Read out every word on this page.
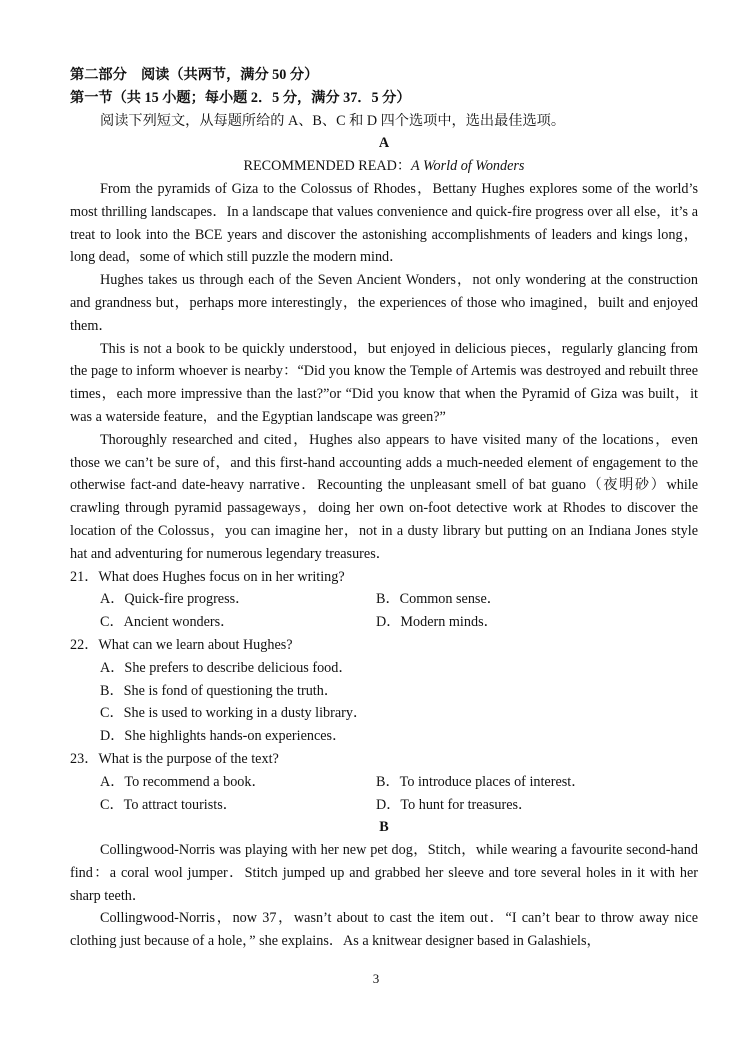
第二部分　阅读（共两节，满分 50 分）

第一节（共 15 小题；每小题 2．5 分，满分 37．5 分）

阅读下列短文，从每题所给的 A、B、C 和 D 四个选项中，选出最佳选项。

A

RECOMMENDED READ：A World of Wonders

From the pyramids of Giza to the Colossus of Rhodes，Bettany Hughes explores some of the world’s most thrilling landscapes．In a landscape that values convenience and quick-fire progress over all else，it’s a treat to look into the BCE years and discover the astonishing accomplishments of leaders and kings long，long dead，some of which still puzzle the modern mind．

Hughes takes us through each of the Seven Ancient Wonders，not only wondering at the construction and grandness but，perhaps more interestingly，the experiences of those who imagined，built and enjoyed them．

This is not a book to be quickly understood，but enjoyed in delicious pieces，regularly glancing from the page to inform whoever is nearby：“Did you know the Temple of Artemis was destroyed and rebuilt three times，each more impressive than the last?”or “Did you know that when the Pyramid of Giza was built，it was a waterside feature，and the Egyptian landscape was green?”

Thoroughly researched and cited，Hughes also appears to have visited many of the locations，even those we can’t be sure of，and this first-hand accounting adds a much-needed element of engagement to the otherwise fact-and date-heavy narrative．Recounting the unpleasant smell of bat guano（夜明砂）while crawling through pyramid passageways，doing her own on-foot detective work at Rhodes to discover the location of the Colossus，you can imagine her，not in a dusty library but putting on an Indiana Jones style hat and adventuring for numerous legendary treasures．

21．What does Hughes focus on in her writing?

A．Quick-fire progress．	B．Common sense．
C．Ancient wonders．	D．Modern minds．

22．What can we learn about Hughes?

A．She prefers to describe delicious food．

B．She is fond of questioning the truth．

C．She is used to working in a dusty library．

D．She highlights hands-on experiences．

23．What is the purpose of the text?

A．To recommend a book．	B．To introduce places of interest．
C．To attract tourists．	D．To hunt for treasures．

B

Collingwood-Norris was playing with her new pet dog，Stitch，while wearing a favourite second-hand find：a coral wool jumper．Stitch jumped up and grabbed her sleeve and tore several holes in it with her sharp teeth．

Collingwood-Norris，now 37，wasn’t about to cast the item out．“I can’t bear to throw away nice clothing just because of a hole，” she explains．As a knitwear designer based in Galashiels，

3
